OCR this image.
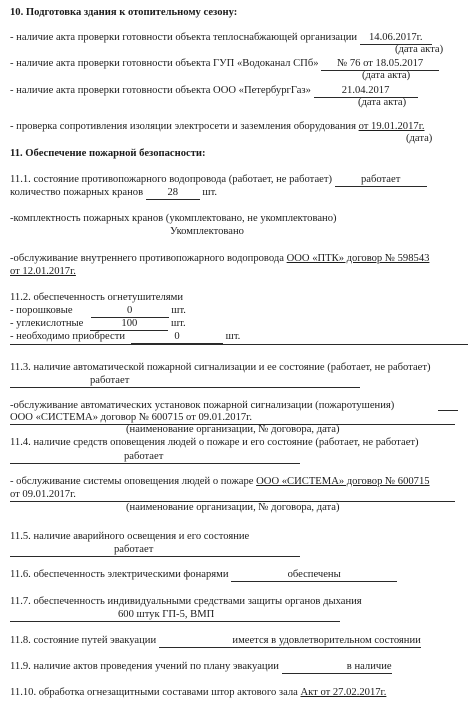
10. Подготовка здания к отопительному сезону:
- наличие акта проверки готовности объекта теплоснабжающей организации 14.06.2017г.
(дата акта)
- наличие акта проверки готовности объекта ГУП «Водоканал СПб» № 76 от 18.05.2017
(дата акта)
- наличие акта проверки готовности объекта ООО «ПетербургГаз»	21.04.2017
(дата акта)
- проверка сопротивления изоляции электросети и заземления оборудования от 19.01.2017г.
(дата)
11. Обеспечение пожарной безопасности:
11.1. состояние противопожарного водопровода (работает, не работает)	работает
количество пожарных кранов 28 шт.
-комплектность пожарных кранов (укомплектовано, не укомплектовано)
Укомплектовано
-обслуживание внутреннего противопожарного водопровода ООО «ПТК» договор № 598543
от 12.01.2017г.
11.2. обеспеченность огнетушителями
- порошковые	0	шт.
- углекислотные	100	шт.
- необходимо приобрести	0	шт.
11.3. наличие автоматической пожарной сигнализации и ее состояние (работает, не работает)
работает
-обслуживание автоматических установок пожарной сигнализации (пожаротушения)
ООО «СИСТЕМА» договор № 600715 от 09.01.2017г.
(наименование организации, № договора, дата)
11.4. наличие средств оповещения людей о пожаре и его состояние (работает, не работает)
работает
- обслуживание системы оповещения людей о пожаре ООО «СИСТЕМА» договор № 600715
от 09.01.2017г.
(наименование организации, № договора, дата)
11.5. наличие аварийного освещения и его состояние
работает
11.6. обеспеченность электрическими фонарями	обеспечены
11.7. обеспеченность индивидуальными средствами защиты органов дыхания
600 штук ГП-5, ВМП
11.8. состояние путей эвакуации	имеется в удовлетворительном состоянии
11.9. наличие актов проведения учений по плану эвакуации	в наличие
11.10. обработка огнезащитными составами штор актового зала Акт от 27.02.2017г.
